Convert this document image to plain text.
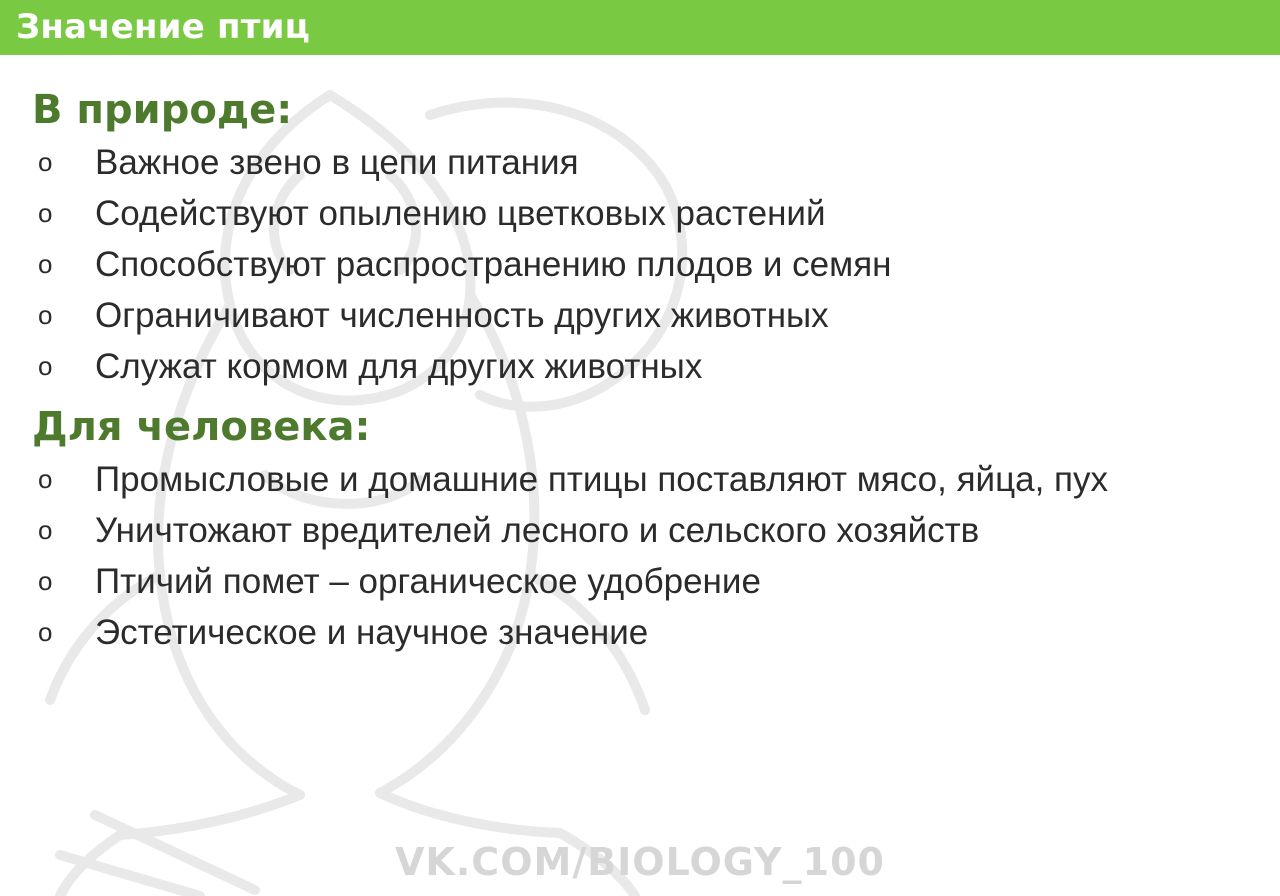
Значение птиц
В природе:
o Важное звено в цепи питания
o Содействуют опылению цветковых растений
o Способствуют распространению плодов и семян
o Ограничивают численность других животных
o Служат кормом для других животных
Для человека:
o Промысловые и домашние птицы поставляют мясо, яйца, пух
o Уничтожают вредителей лесного и сельского хозяйств
o Птичий помет – органическое удобрение
o Эстетическое и научное значение
VK.COM/BIOLOGY_100
